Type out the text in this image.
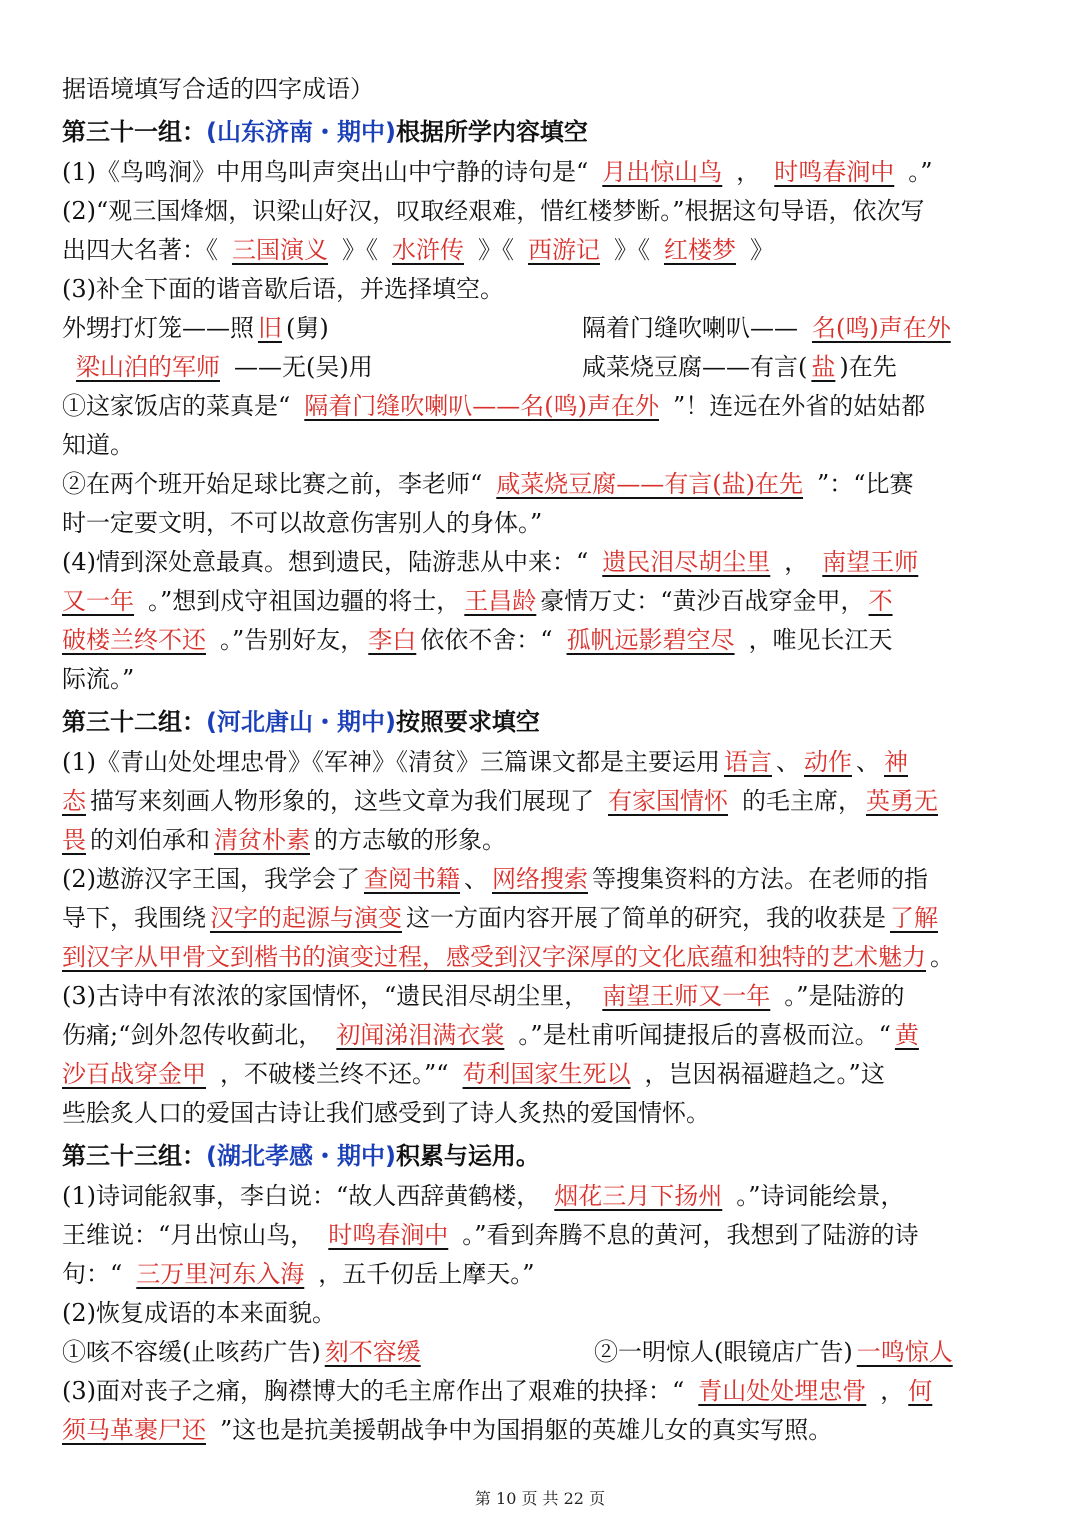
据语境填写合适的四字成语）
第三十一组：(山东济南・期中)根据所学内容填空
(1)《鸟鸣涧》中用鸟叫声突出山中宁静的诗句是“ 月出惊山鸟 ， 时鸣春涧中 。”
(2)“观三国烽烟，识梁山好汉，叹取经艰难，惜红楼梦断。”根据这句导语，依次写
出四大名著：《 三国演义 》《 水浒传 》《 西游记 》《 红楼梦 》
(3)补全下面的谐音歇后语，并选择填空。
外甥打灯笼——照 旧 (舅)	隔着门缝吹喇叭—— 名(鸣)声在外
梁山泊的军师 ——无(吴)用	咸菜烧豆腐——有言( 盐 )在先
①这家饭店的菜真是“ 隔着门缝吹喇叭——名(鸣)声在外 ”！连远在外省的姑姑都
知道。
②在两个班开始足球比赛之前，李老师“ 咸菜烧豆腐——有言(盐)在先 ”：“比赛
时一定要文明，不可以故意伤害别人的身体。”
(4)情到深处意最真。想到遗民，陆游悲从中来：“ 遗民泪尽胡尘里 ， 南望王师
又一年 。”想到戍守祖国边疆的将士， 王昌龄 豪情万丈：“黄沙百战穿金甲， 不
破楼兰终不还 。”告别好友， 李白 依依不舍：“ 孤帆远影碧空尽 ，唯见长江天
际流。”
第三十二组：(河北唐山・期中)按照要求填空
(1)《青山处处埋忠骨》《军神》《清贫》三篇课文都是主要运用 语言 、 动作 、 神
态 描写来刻画人物形象的，这些文章为我们展现了 有家国情怀 的毛主席， 英勇无
畏 的刘伯承和 清贫朴素 的方志敏的形象。
(2)遨游汉字王国，我学会了 查阅书籍 、 网络搜索 等搜集资料的方法。在老师的指
导下，我围绕 汉字的起源与演变 这一方面内容开展了简单的研究，我的收获是 了解
到汉字从甲骨文到楷书的演变过程，感受到汉字深厚的文化底蕴和独特的艺术魅力 。
(3)古诗中有浓浓的家国情怀，“遗民泪尽胡尘里， 南望王师又一年 。”是陆游的
伤痛;“剑外忽传收蓟北， 初闻涕泪满衣裳 。”是杜甫听闻捷报后的喜极而泣。“ 黄
沙百战穿金甲 ，不破楼兰终不还。”“ 苟利国家生死以 ，岂因祸福避趋之。”这
些脍炙人口的爱国古诗让我们感受到了诗人炙热的爱国情怀。
第三十三组：(湖北孝感・期中)积累与运用。
(1)诗词能叙事，李白说：“故人西辞黄鹤楼， 烟花三月下扬州 。”诗词能绘景，
王维说：“月出惊山鸟， 时鸣春涧中 。”看到奔腾不息的黄河，我想到了陆游的诗
句：“ 三万里河东入海 ，五千仞岳上摩天。”
(2)恢复成语的本来面貌。
①咳不容缓(止咳药广告) 刻不容缓	②一明惊人(眼镜店广告) 一鸣惊人
(3)面对丧子之痛，胸襟博大的毛主席作出了艰难的抉择：“ 青山处处埋忠骨 ， 何
须马革裹尸还 ”这也是抗美援朝战争中为国捐躯的英雄儿女的真实写照。
第 10 页 共 22 页
